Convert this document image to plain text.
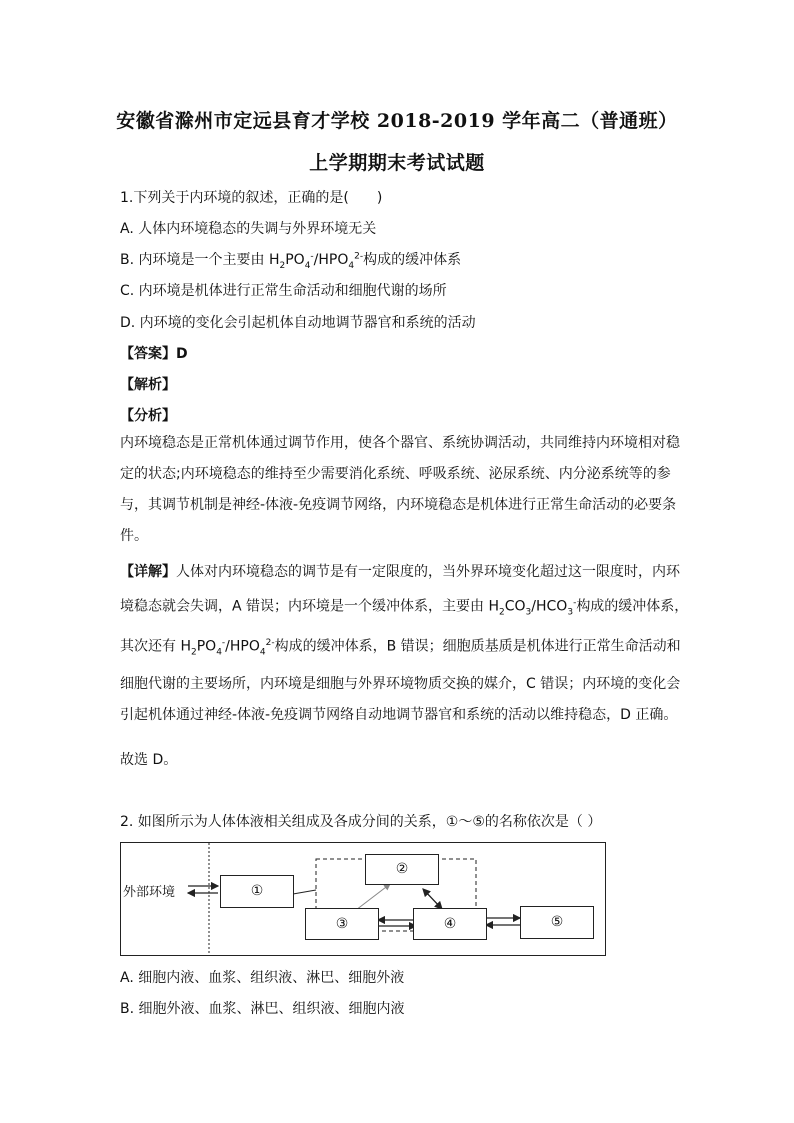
安徽省滁州市定远县育才学校 2018-2019 学年高二（普通班）
上学期期末考试试题
1.下列关于内环境的叙述，正确的是(　　)
A. 人体内环境稳态的失调与外界环境无关
B. 内环境是一个主要由 $H_2PO_4^-/HPO_4^{2-}$构成的缓冲体系
C. 内环境是机体进行正常生命活动和细胞代谢的场所
D. 内环境的变化会引起机体自动地调节器官和系统的活动
【答案】D
【解析】
【分析】
内环境稳态是正常机体通过调节作用，使各个器官、系统协调活动，共同维持内环境相对稳
定的状态;内环境稳态的维持至少需要消化系统、呼吸系统、泌尿系统、内分泌系统等的参
与，其调节机制是神经-体液-免疫调节网络，内环境稳态是机体进行正常生命活动的必要条
件。
【详解】人体对内环境稳态的调节是有一定限度的，当外界环境变化超过这一限度时，内环
境稳态就会失调，A 错误；内环境是一个缓冲体系，主要由 $H_2CO_3/HCO_3^-$构成的缓冲体系，
其次还有 $H_2PO_4^-/HPO_4^{2-}$构成的缓冲体系，B 错误；细胞质基质是机体进行正常生命活动和
细胞代谢的主要场所，内环境是细胞与外界环境物质交换的媒介，C 错误；内环境的变化会
引起机体通过神经-体液-免疫调节网络自动地调节器官和系统的活动以维持稳态，D 正确。
故选 D。
2. 如图所示为人体体液相关组成及各成分间的关系，①～⑤的名称依次是（ ）
外部环境	①
②
③	④	⑤
A. 细胞内液、血浆、组织液、淋巴、细胞外液
B. 细胞外液、血浆、淋巴、组织液、细胞内液
